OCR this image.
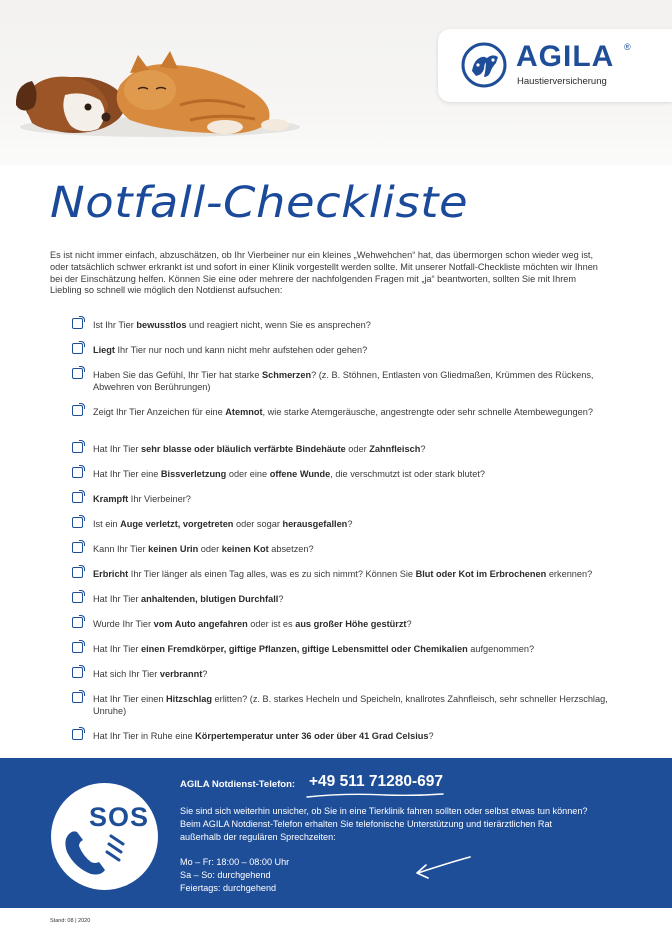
AGILA ®
Haustierversicherung
Notfall-Checkliste

Es ist nicht immer einfach, abzuschätzen, ob Ihr Vierbeiner nur ein kleines „Wehwehchen“ hat, das übermorgen schon wieder weg ist, oder tatsächlich schwer erkrankt ist und sofort in einer Klinik vorgestellt werden sollte. Mit unserer Notfall-Checkliste möchten wir Ihnen bei der Einschätzung helfen. Können Sie eine oder mehrere der nachfolgenden Fragen mit „ja“ beantworten, sollten Sie mit Ihrem Liebling so schnell wie möglich den Notdienst aufsuchen:

Ist Ihr Tier bewusstlos und reagiert nicht, wenn Sie es ansprechen?
Liegt Ihr Tier nur noch und kann nicht mehr aufstehen oder gehen?
Haben Sie das Gefühl, Ihr Tier hat starke Schmerzen? (z. B. Stöhnen, Entlasten von Gliedmaßen, Krümmen des Rückens, Abwehren von Berührungen)
Zeigt Ihr Tier Anzeichen für eine Atemnot, wie starke Atemgeräusche, angestrengte oder sehr schnelle Atembewegungen?
Hat Ihr Tier sehr blasse oder bläulich verfärbte Bindehäute oder Zahnfleisch?
Hat Ihr Tier eine Bissverletzung oder eine offene Wunde, die verschmutzt ist oder stark blutet?
Krampft Ihr Vierbeiner?
Ist ein Auge verletzt, vorgetreten oder sogar herausgefallen?
Kann Ihr Tier keinen Urin oder keinen Kot absetzen?
Erbricht Ihr Tier länger als einen Tag alles, was es zu sich nimmt? Können Sie Blut oder Kot im Erbrochenen erkennen?
Hat Ihr Tier anhaltenden, blutigen Durchfall?
Wurde Ihr Tier vom Auto angefahren oder ist es aus großer Höhe gestürzt?
Hat Ihr Tier einen Fremdkörper, giftige Pflanzen, giftige Lebensmittel oder Chemikalien aufgenommen?
Hat sich Ihr Tier verbrannt?
Hat Ihr Tier einen Hitzschlag erlitten? (z. B. starkes Hecheln und Speicheln, knallrotes Zahnfleisch, sehr schneller Herzschlag, Unruhe)
Hat Ihr Tier in Ruhe eine Körpertemperatur unter 36 oder über 41 Grad Celsius?
SOS
AGILA Notdienst-Telefon: +49 511 71280-697

Sie sind sich weiterhin unsicher, ob Sie in eine Tierklinik fahren sollten oder selbst etwas tun können? Beim AGILA Notdienst-Telefon erhalten Sie telefonische Unterstützung und tierärztlichen Rat außerhalb der regulären Sprechzeiten:

Mo – Fr: 18:00 – 08:00 Uhr
Sa – So: durchgehend
Feiertags: durchgehend
Stand: 08 | 2020
